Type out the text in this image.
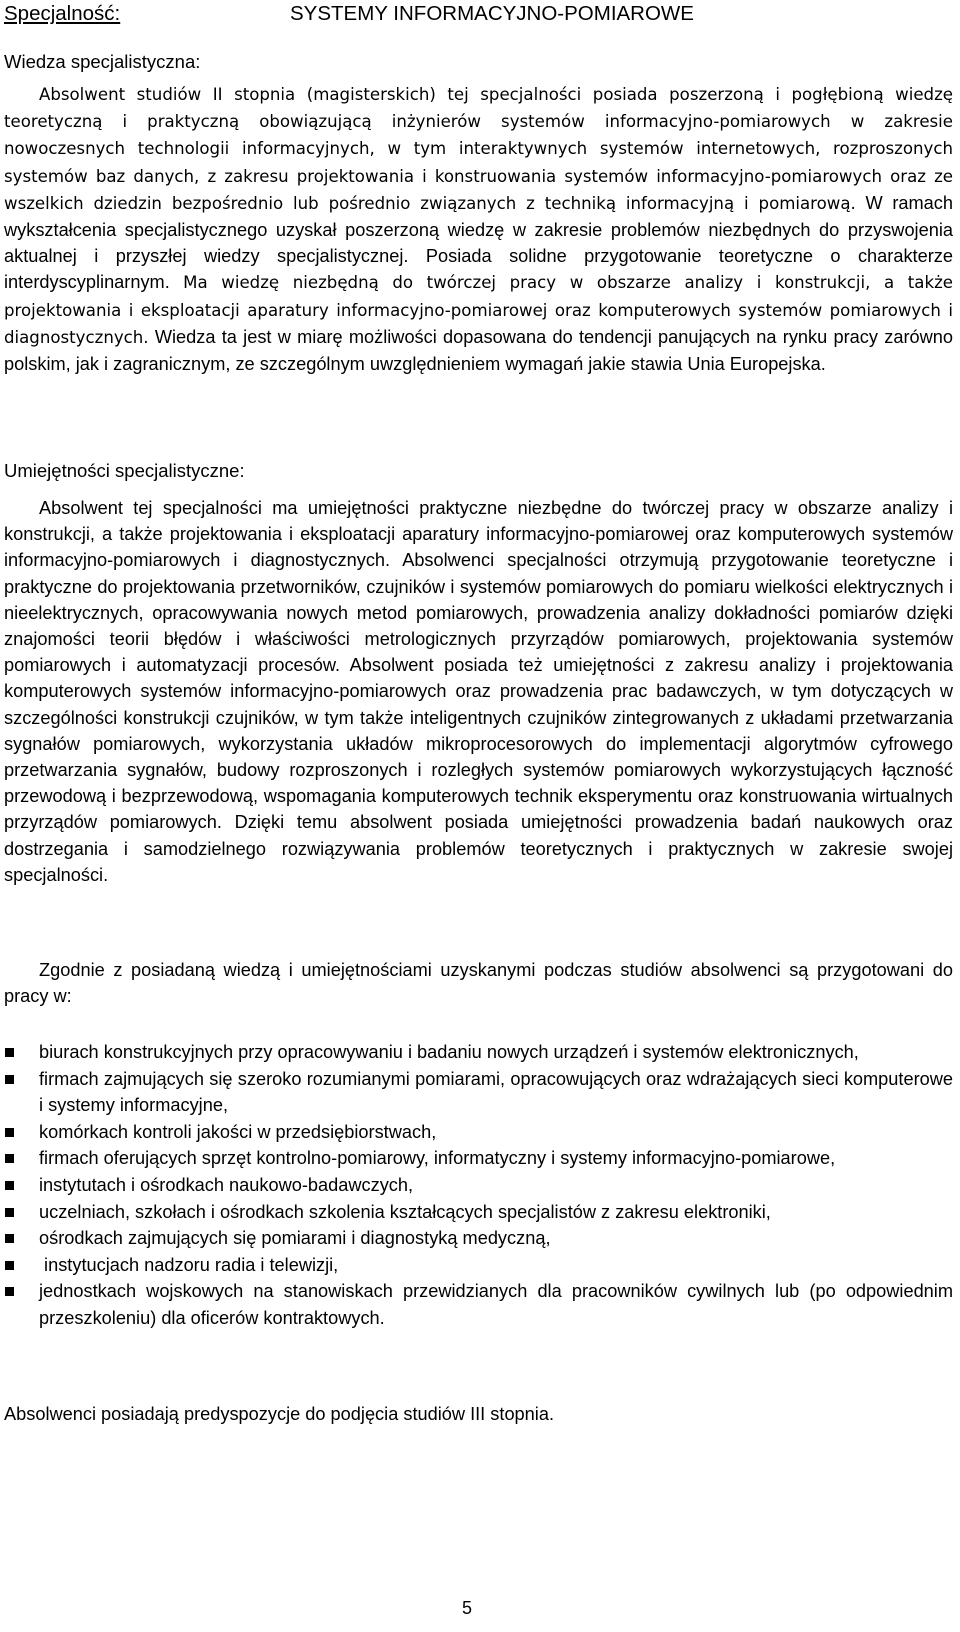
Specjalność:	SYSTEMY INFORMACYJNO-POMIAROWE
Wiedza specjalistyczna:

Absolwent studiów II stopnia (magisterskich) tej specjalności posiada poszerzoną i pogłębioną wiedzę teoretyczną i praktyczną obowiązującą inżynierów systemów informacyjno-pomiarowych w zakresie nowoczesnych technologii informacyjnych, w tym interaktywnych systemów internetowych, rozproszonych systemów baz danych, z zakresu projektowania i konstruowania systemów informacyjno-pomiarowych oraz ze wszelkich dziedzin bezpośrednio lub pośrednio związanych z techniką informacyjną i pomiarową. W ramach wykształcenia specjalistycznego uzyskał poszerzoną wiedzę w zakresie problemów niezbędnych do przyswojenia aktualnej i przyszłej wiedzy specjalistycznej. Posiada solidne przygotowanie teoretyczne o charakterze interdyscyplinarnym. Ma wiedzę niezbędną do twórczej pracy w obszarze analizy i konstrukcji, a także projektowania i eksploatacji aparatury informacyjno-pomiarowej oraz komputerowych systemów pomiarowych i diagnostycznych. Wiedza ta jest w miarę możliwości dopasowana do tendencji panujących na rynku pracy zarówno polskim, jak i zagranicznym, ze szczególnym uwzględnieniem wymagań jakie stawia Unia Europejska.

Umiejętności specjalistyczne:

Absolwent tej specjalności ma umiejętności praktyczne niezbędne do twórczej pracy w obszarze analizy i konstrukcji, a także projektowania i eksploatacji aparatury informacyjno-pomiarowej oraz komputerowych systemów informacyjno-pomiarowych i diagnostycznych. Absolwenci specjalności otrzymują przygotowanie teoretyczne i praktyczne do projektowania przetworników, czujników i systemów pomiarowych do pomiaru wielkości elektrycznych i nieelektrycznych, opracowywania nowych metod pomiarowych, prowadzenia analizy dokładności pomiarów dzięki znajomości teorii błędów i właściwości metrologicznych przyrządów pomiarowych, projektowania systemów pomiarowych i automatyzacji procesów. Absolwent posiada też umiejętności z zakresu analizy i projektowania komputerowych systemów informacyjno-pomiarowych oraz prowadzenia prac badawczych, w tym dotyczących w szczególności konstrukcji czujników, w tym także inteligentnych czujników zintegrowanych z układami przetwarzania sygnałów pomiarowych, wykorzystania układów mikroprocesorowych do implementacji algorytmów cyfrowego przetwarzania sygnałów, budowy rozproszonych i rozległych systemów pomiarowych wykorzystujących łączność przewodową i bezprzewodową, wspomagania komputerowych technik eksperymentu oraz konstruowania wirtualnych przyrządów pomiarowych. Dzięki temu absolwent posiada umiejętności prowadzenia badań naukowych oraz dostrzegania i samodzielnego rozwiązywania problemów teoretycznych i praktycznych w zakresie swojej specjalności.

Zgodnie z posiadaną wiedzą i umiejętnościami uzyskanymi podczas studiów absolwenci są przygotowani do pracy w:

biurach konstrukcyjnych przy opracowywaniu i badaniu nowych urządzeń i systemów elektronicznych,
firmach zajmujących się szeroko rozumianymi pomiarami, opracowujących oraz wdrażających sieci komputerowe i systemy informacyjne,
komórkach kontroli jakości w przedsiębiorstwach,
firmach oferujących sprzęt kontrolno-pomiarowy, informatyczny i systemy informacyjno-pomiarowe,
instytutach i ośrodkach naukowo-badawczych,
uczelniach, szkołach i ośrodkach szkolenia kształcących specjalistów z zakresu elektroniki,
ośrodkach zajmujących się pomiarami i diagnostyką medyczną,
instytucjach nadzoru radia i telewizji,
jednostkach wojskowych na stanowiskach przewidzianych dla pracowników cywilnych lub (po odpowiednim przeszkoleniu) dla oficerów kontraktowych.

Absolwenci posiadają predyspozycje do podjęcia studiów III stopnia.

5
